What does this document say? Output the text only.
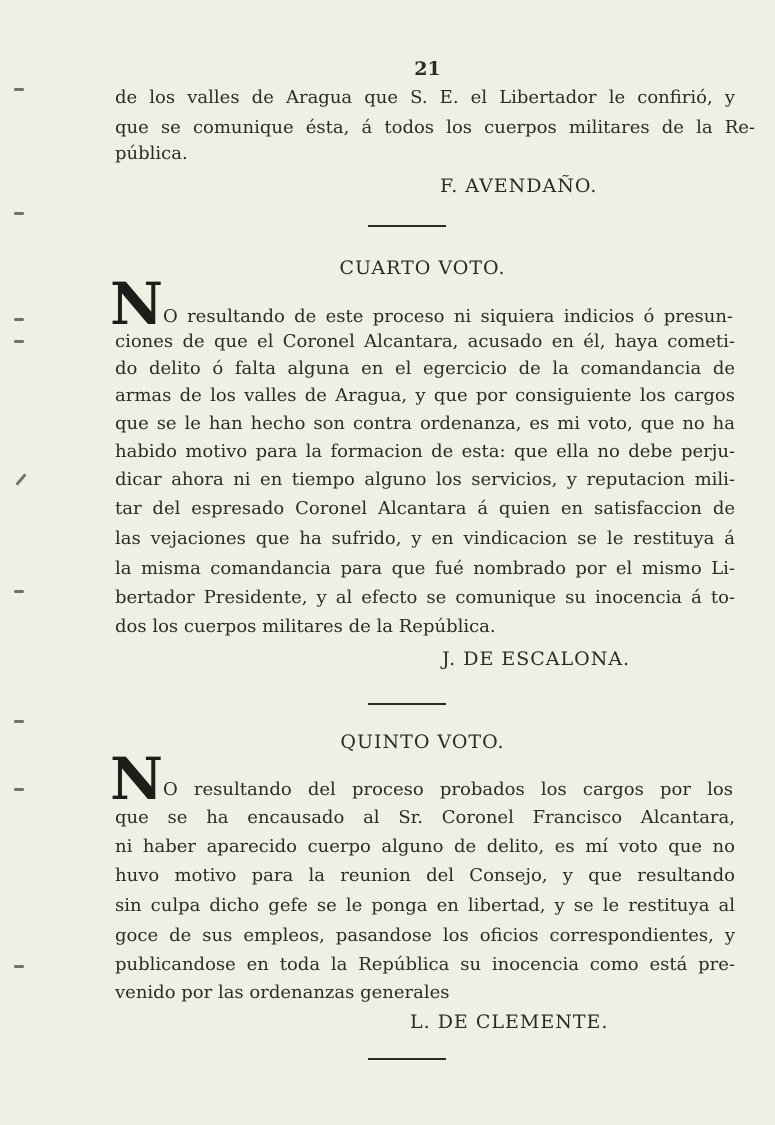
21
de los valles de Aragua que S. E. el Libertador le confirió, y
que se comunique ésta, á todos los cuerpos militares de la Re-
pública.
F. AVENDAÑO.
CUARTO VOTO.
N O resultando de este proceso ni siquiera indicios ó presun-
ciones de que el Coronel Alcantara, acusado en él, haya cometi-
do delito ó falta alguna en el egercicio de la comandancia de
armas de los valles de Aragua, y que por consiguiente los cargos
que se le han hecho son contra ordenanza, es mi voto, que no ha
habido motivo para la formacion de esta: que ella no debe perju-
dicar ahora ni en tiempo alguno los servicios, y reputacion mili-
tar del espresado Coronel Alcantara á quien en satisfaccion de
las vejaciones que ha sufrido, y en vindicacion se le restituya á
la misma comandancia para que fué nombrado por el mismo Li-
bertador Presidente, y al efecto se comunique su inocencia á to-
dos los cuerpos militares de la República.
J. DE ESCALONA.
QUINTO VOTO.
N O resultando del proceso probados los cargos por los
que se ha encausado al Sr. Coronel Francisco Alcantara,
ni haber aparecido cuerpo alguno de delito, es mí voto que no
huvo motivo para la reunion del Consejo, y que resultando
sin culpa dicho gefe se le ponga en libertad, y se le restituya al
goce de sus empleos, pasandose los oficios correspondientes, y
publicandose en toda la República su inocencia como está pre-
venido por las ordenanzas generales
L. DE CLEMENTE.
